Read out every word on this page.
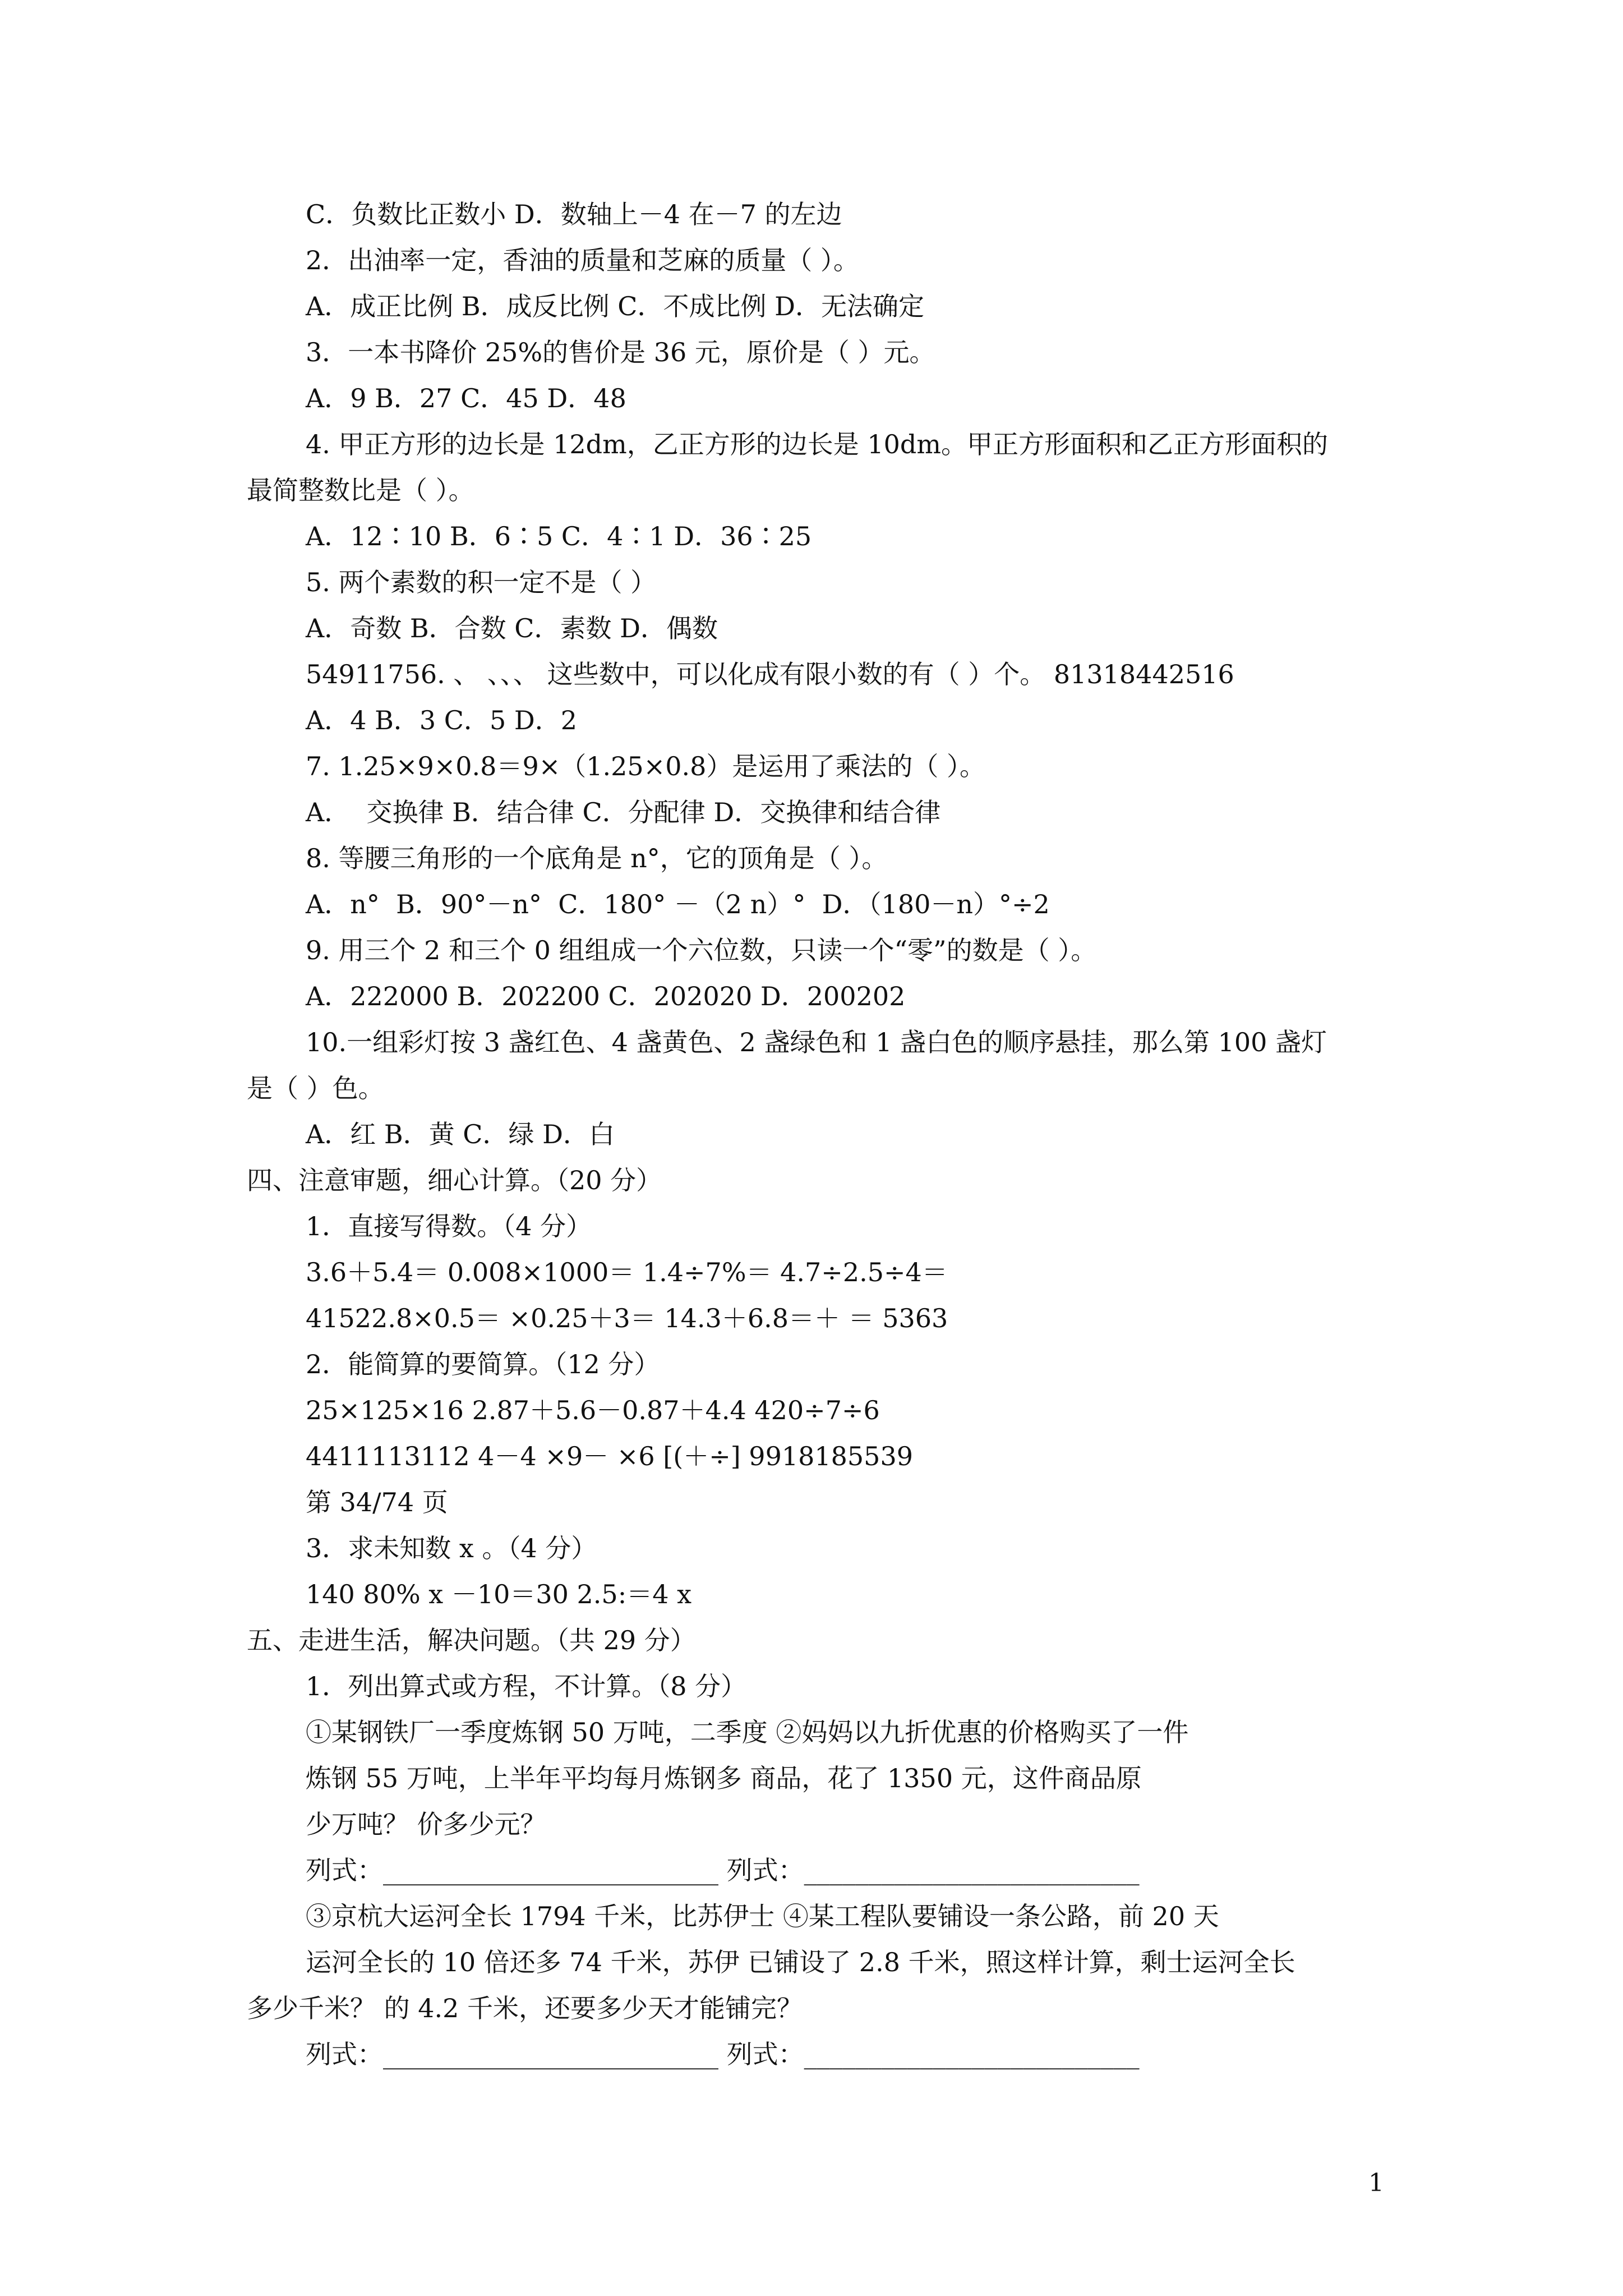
C．负数比正数小 D．数轴上－4 在－7 的左边
2．出油率一定，香油的质量和芝麻的质量（ ）。
A．成正比例 B．成反比例 C．不成比例 D．无法确定
3．一本书降价 25%的售价是 36 元，原价是（ ）元。
A．9 B．27 C．45 D．48
4. 甲正方形的边长是 12dm，乙正方形的边长是 10dm。甲正方形面积和乙正方形面积的
最简整数比是（ ）。
A．12∶10 B．6∶5 C．4∶1 D．36∶25
5. 两个素数的积一定不是（ ）
A．奇数 B．合数 C．素数 D．偶数
54911756. 、 、、、 这些数中，可以化成有限小数的有（ ）个。 81318442516
A．4 B．3 C．5 D．2
7. 1.25×9×0.8＝9×（1.25×0.8）是运用了乘法的（ ）。
A．  交换律 B．结合律 C．分配律 D．交换律和结合律
8. 等腰三角形的一个底角是 n°，它的顶角是（ ）。
A．n°  B．90°－n°  C．180° －（2 n）°  D．（180－n）°÷2
9. 用三个 2 和三个 0 组组成一个六位数，只读一个“零”的数是（ ）。
A．222000 B．202200 C．202020 D．200202
10.一组彩灯按 3 盏红色、4 盏黄色、2 盏绿色和 1 盏白色的顺序悬挂，那么第 100 盏灯
是（ ）色。
A．红 B．黄 C．绿 D．白
四、注意审题，细心计算。（20 分）
1．直接写得数。（4 分）
3.6＋5.4＝ 0.008×1000＝ 1.4÷7%＝ 4.7÷2.5÷4＝
41522.8×0.5＝ ×0.25＋3＝ 14.3＋6.8＝＋ ＝ 5363
2．能简算的要简算。（12 分）
25×125×16 2.87＋5.6－0.87＋4.4 420÷7÷6
4411113112 4－4 ×9－ ×6 [(＋÷] 9918185539
第 34/74 页
3．求未知数 x 。（4 分）
140 80% x －10＝30 2.5:＝4 x
五、走进生活，解决问题。（共 29 分）
1．列出算式或方程，不计算。（8 分）
①某钢铁厂一季度炼钢 50 万吨，二季度 ②妈妈以九折优惠的价格购买了一件
炼钢 55 万吨，上半年平均每月炼钢多 商品，花了 1350 元，这件商品原
少万吨？ 价多少元？
列式：__________________________ 列式：__________________________
③京杭大运河全长 1794 千米，比苏伊士 ④某工程队要铺设一条公路，前 20 天
运河全长的 10 倍还多 74 千米，苏伊 已铺设了 2.8 千米，照这样计算，剩士运河全长
多少千米？ 的 4.2 千米，还要多少天才能铺完？
列式：__________________________ 列式：__________________________
1
